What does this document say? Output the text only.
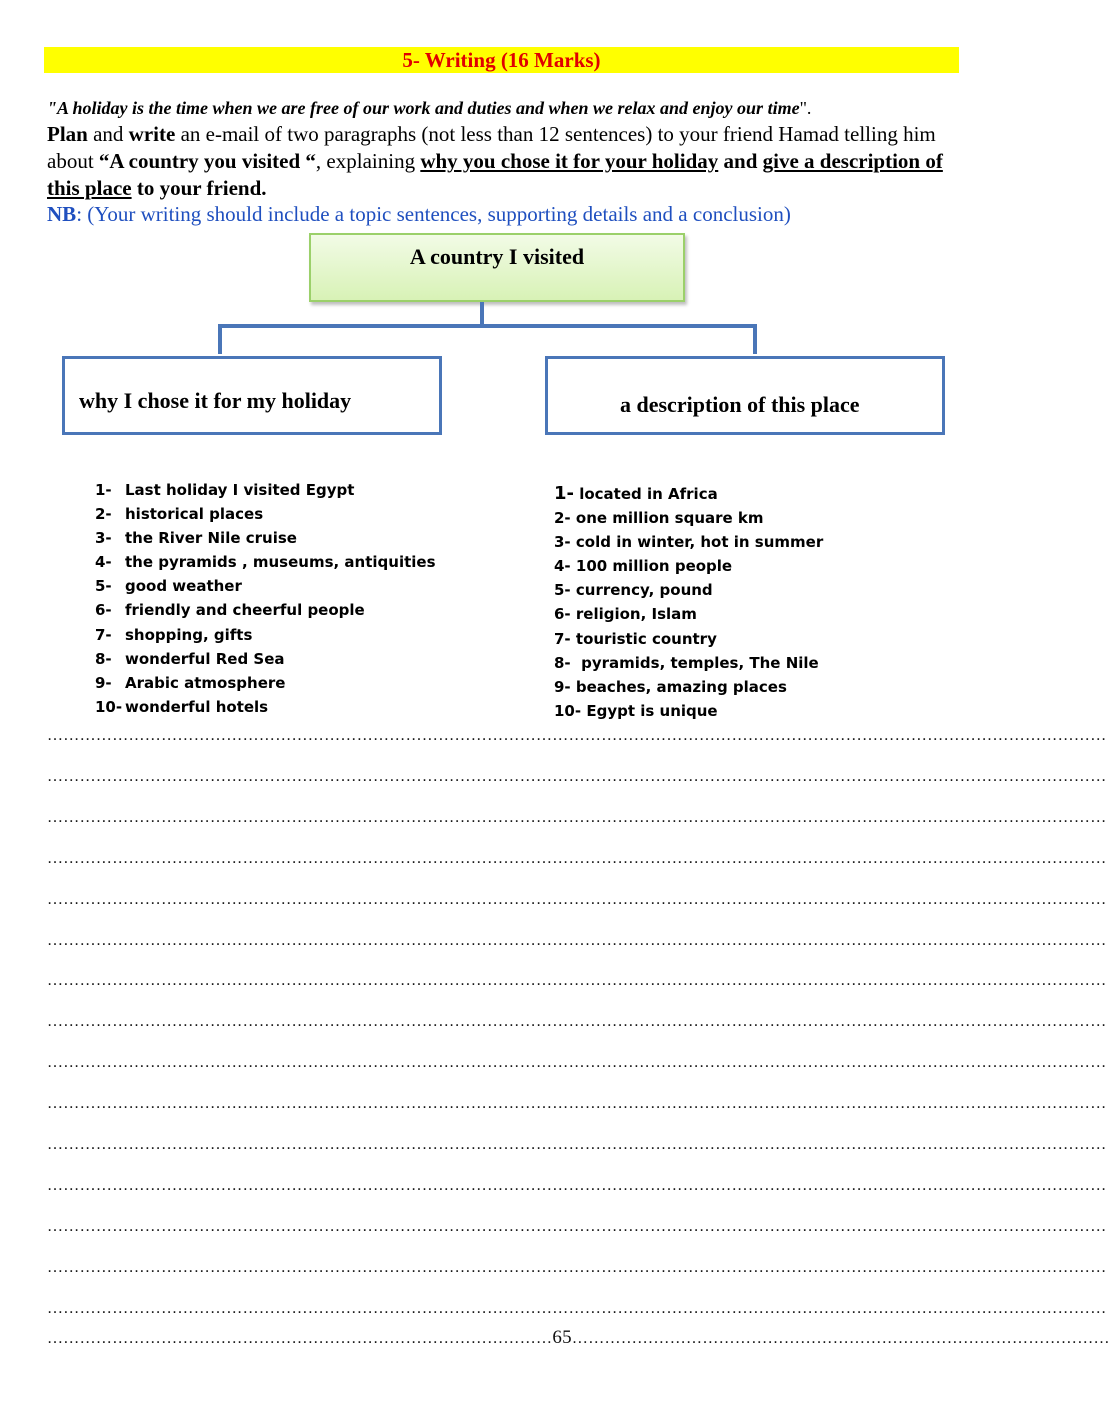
5- Writing (16 Marks)
"A holiday is the time when we are free of our work and duties and when we relax and enjoy our time".
Plan and write an e-mail of two paragraphs (not less than 12 sentences) to your friend Hamad telling him about “A country you visited “, explaining why you chose it for your holiday and give a description of this place to your friend.
NB: (Your writing should include a topic sentences, supporting details and a conclusion)
A country I visited
why I chose it for my holiday	a description of this place
1- Last holiday I visited Egypt
2- historical places
3- the River Nile cruise
4- the pyramids , museums, antiquities
5- good weather
6- friendly and cheerful people
7- shopping, gifts
8- wonderful Red Sea
9- Arabic atmosphere
10- wonderful hotels
1- located in Africa
2- one million square km
3- cold in winter, hot in summer
4- 100 million people
5- currency, pound
6- religion, Islam
7- touristic country
8-  pyramids, temples, The Nile
9- beaches, amazing places
10- Egypt is unique
……………………………………………………………………………………………………………………………………………………………………………
……………………………………………………………………………………………………………………………………………………………………………
……………………………………………………………………………………………………………………………………………………………………………
……………………………………………………………………………………………………………………………………………………………………………
……………………………………………………………………………………………………………………………………………………………………………
……………………………………………………………………………………………………………………………………………………………………………
……………………………………………………………………………………………………………………………………………………………………………
……………………………………………………………………………………………………………………………………………………………………………
……………………………………………………………………………………………………………………………………………………………………………
……………………………………………………………………………………………………………………………………………………………………………
……………………………………………………………………………………………………………………………………………………………………………
……………………………………………………………………………………………………………………………………………………………………………
……………………………………………………………………………………………………………………………………………………………………………
……………………………………………………………………………………………………………………………………………………………………………
……………………………………………………………………………………………………………………………………………………………………………
…………………………………………………………………………………65………………………………………………………………………………………
